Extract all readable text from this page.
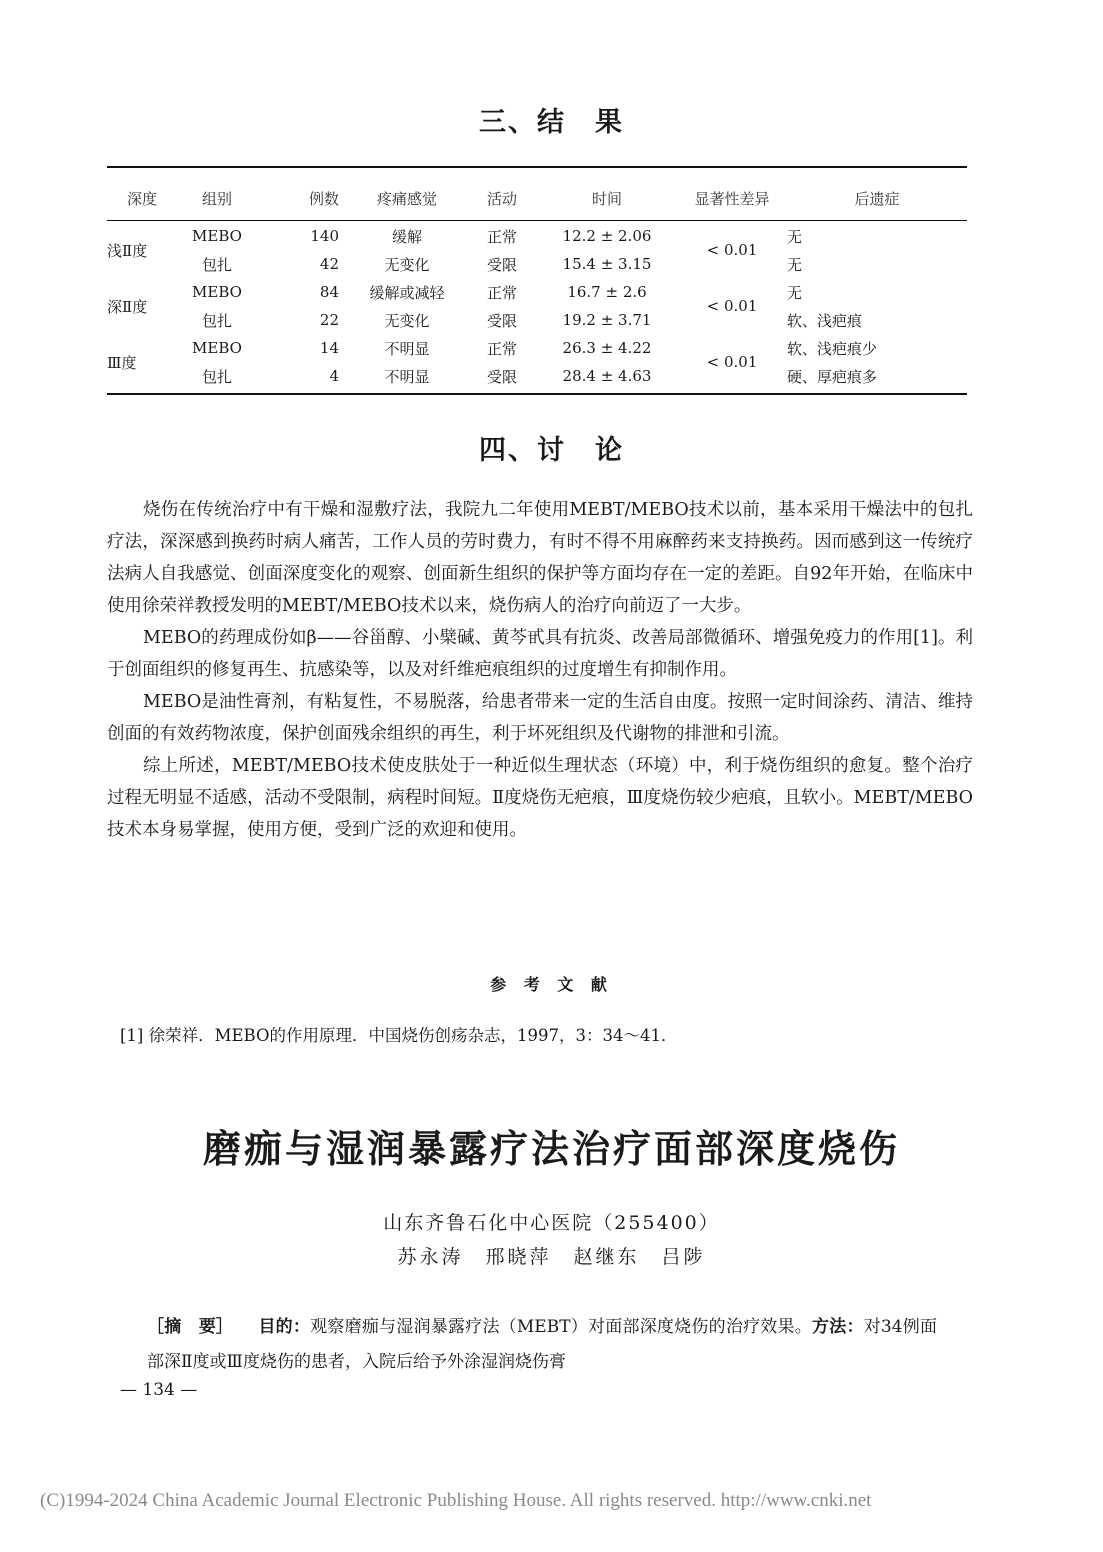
三、结　果
深度	组别	例数	疼痛感觉	活动	时间	显著性差异	后遗症

浅Ⅱ度	MEBO	140	缓解	正常	12.2 ± 2.06	< 0.01	无
	包扎	42	无变化	受限	15.4 ± 3.15		无
深Ⅱ度	MEBO	84	缓解或减轻	正常	16.7 ± 2.6	< 0.01	无
	包扎	22	无变化	受限	19.2 ± 3.71		软、浅疤痕
Ⅲ度	MEBO	14	不明显	正常	26.3 ± 4.22	< 0.01	软、浅疤痕少
	包扎	4	不明显	受限	28.4 ± 4.63		硬、厚疤痕多
四、讨　论

烧伤在传统治疗中有干燥和湿敷疗法，我院九二年使用MEBT/MEBO技术以前，基本采用干燥法中的包扎疗法，深深感到换药时病人痛苦，工作人员的劳时费力，有时不得不用麻醉药来支持换药。因而感到这一传统疗法病人自我感觉、创面深度变化的观察、创面新生组织的保护等方面均存在一定的差距。自92年开始，在临床中使用徐荣祥教授发明的MEBT/MEBO技术以来，烧伤病人的治疗向前迈了一大步。

MEBO的药理成份如β——谷甾醇、小檗碱、黄芩甙具有抗炎、改善局部微循环、增强免疫力的作用[1]。利于创面组织的修复再生、抗感染等，以及对纤维疤痕组织的过度增生有抑制作用。

MEBO是油性膏剂，有粘复性，不易脱落，给患者带来一定的生活自由度。按照一定时间涂药、清洁、维持创面的有效药物浓度，保护创面残余组织的再生，利于坏死组织及代谢物的排泄和引流。

综上所述，MEBT/MEBO技术使皮肤处于一种近似生理状态（环境）中，利于烧伤组织的愈复。整个治疗过程无明显不适感，活动不受限制，病程时间短。Ⅱ度烧伤无疤痕，Ⅲ度烧伤较少疤痕，且软小。MEBT/MEBO技术本身易掌握，使用方便，受到广泛的欢迎和使用。

参 考 文 献
[1] 徐荣祥．MEBO的作用原理．中国烧伤创疡杂志，1997，3：34～41．
磨痂与湿润暴露疗法治疗面部深度烧伤
山东齐鲁石化中心医院（255400）
苏永涛　邢晓萍　赵继东　吕陟
［摘　要］ 目的：观察磨痂与湿润暴露疗法（MEBT）对面部深度烧伤的治疗效果。方法：对34例面部深Ⅱ度或Ⅲ度烧伤的患者，入院后给予外涂湿润烧伤膏
— 134 —
(C)1994-2024 China Academic Journal Electronic Publishing House. All rights reserved. http://www.cnki.net
